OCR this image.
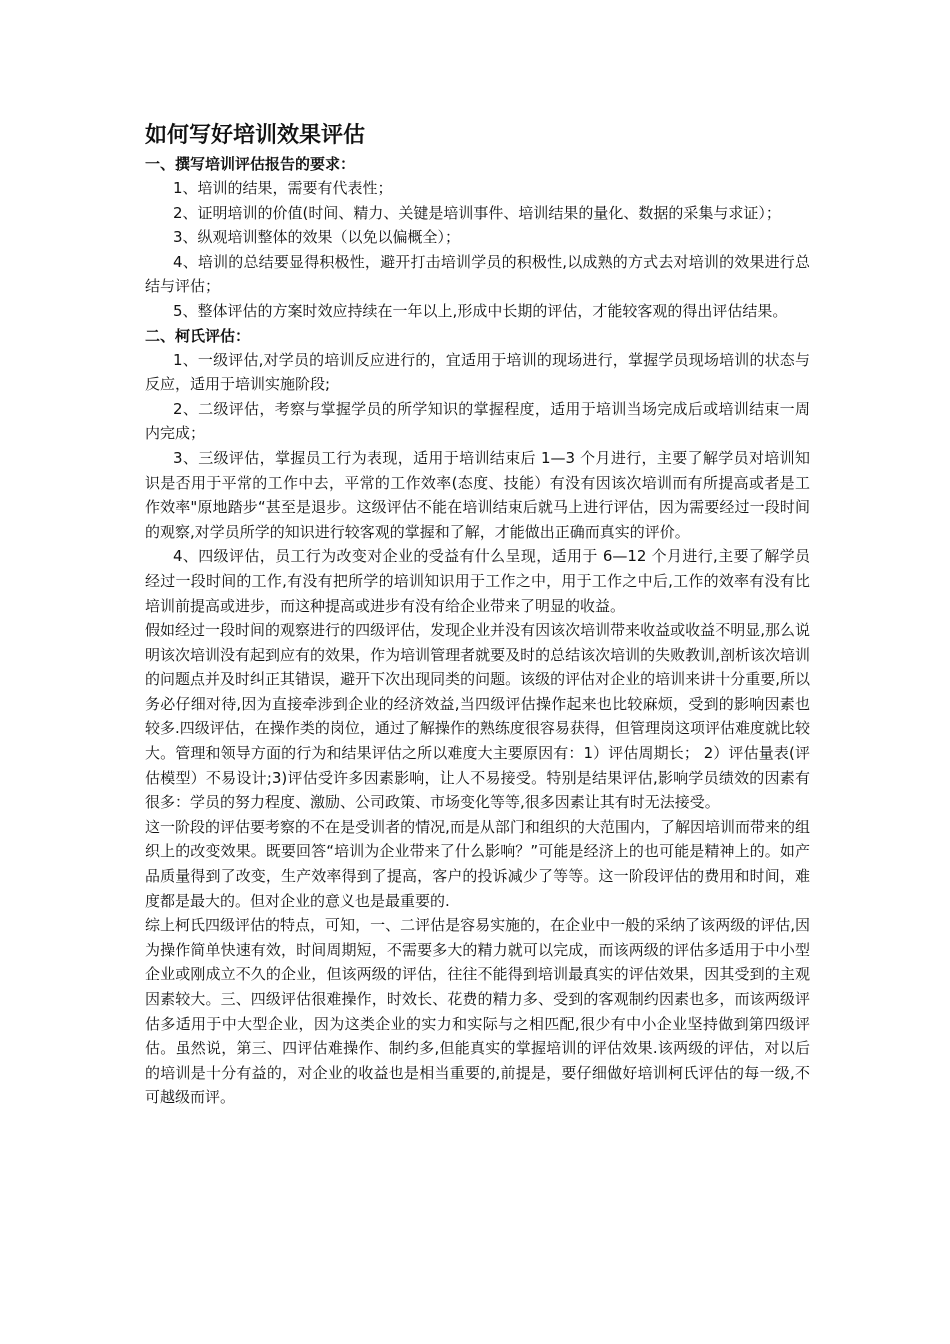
如何写好培训效果评估
一、撰写培训评估报告的要求：

1、培训的结果，需要有代表性；

2、证明培训的价值(时间、精力、关键是培训事件、培训结果的量化、数据的采集与求证）；

3、纵观培训整体的效果（以免以偏概全）；

4、培训的总结要显得积极性，避开打击培训学员的积极性,以成熟的方式去对培训的效果进行总结与评估；

5、整体评估的方案时效应持续在一年以上,形成中长期的评估，才能较客观的得出评估结果。

二、柯氏评估：

1、一级评估,对学员的培训反应进行的，宜适用于培训的现场进行，掌握学员现场培训的状态与反应，适用于培训实施阶段;

2、二级评估，考察与掌握学员的所学知识的掌握程度，适用于培训当场完成后或培训结束一周内完成；

3、三级评估，掌握员工行为表现，适用于培训结束后 1—3 个月进行，主要了解学员对培训知识是否用于平常的工作中去，平常的工作效率(态度、技能）有没有因该次培训而有所提高或者是工作效率"原地踏步“甚至是退步。这级评估不能在培训结束后就马上进行评估，因为需要经过一段时间的观察,对学员所学的知识进行较客观的掌握和了解，才能做出正确而真实的评价。

4、四级评估，员工行为改变对企业的受益有什么呈现，适用于 6—12 个月进行,主要了解学员经过一段时间的工作,有没有把所学的培训知识用于工作之中，用于工作之中后,工作的效率有没有比培训前提高或进步，而这种提高或进步有没有给企业带来了明显的收益。

假如经过一段时间的观察进行的四级评估，发现企业并没有因该次培训带来收益或收益不明显,那么说明该次培训没有起到应有的效果，作为培训管理者就要及时的总结该次培训的失败教训,剖析该次培训的问题点并及时纠正其错误，避开下次出现同类的问题。该级的评估对企业的培训来讲十分重要,所以务必仔细对待,因为直接牵涉到企业的经济效益,当四级评估操作起来也比较麻烦，受到的影响因素也较多.四级评估，在操作类的岗位，通过了解操作的熟练度很容易获得，但管理岗这项评估难度就比较大。管理和领导方面的行为和结果评估之所以难度大主要原因有：1）评估周期长； 2）评估量表(评估模型）不易设计;3)评估受许多因素影响，让人不易接受。特别是结果评估,影响学员绩效的因素有很多：学员的努力程度、激励、公司政策、市场变化等等,很多因素让其有时无法接受。

这一阶段的评估要考察的不在是受训者的情况,而是从部门和组织的大范围内，了解因培训而带来的组织上的改变效果。既要回答“培训为企业带来了什么影响？”可能是经济上的也可能是精神上的。如产品质量得到了改变，生产效率得到了提高，客户的投诉减少了等等。这一阶段评估的费用和时间，难度都是最大的。但对企业的意义也是最重要的.

综上柯氏四级评估的特点，可知，一、二评估是容易实施的，在企业中一般的采纳了该两级的评估,因为操作简单快速有效，时间周期短，不需要多大的精力就可以完成，而该两级的评估多适用于中小型企业或刚成立不久的企业，但该两级的评估，往往不能得到培训最真实的评估效果，因其受到的主观因素较大。三、四级评估很难操作，时效长、花费的精力多、受到的客观制约因素也多，而该两级评估多适用于中大型企业，因为这类企业的实力和实际与之相匹配,很少有中小企业坚持做到第四级评估。虽然说，第三、四评估难操作、制约多,但能真实的掌握培训的评估效果.该两级的评估，对以后的培训是十分有益的，对企业的收益也是相当重要的,前提是，要仔细做好培训柯氏评估的每一级,不可越级而评。
